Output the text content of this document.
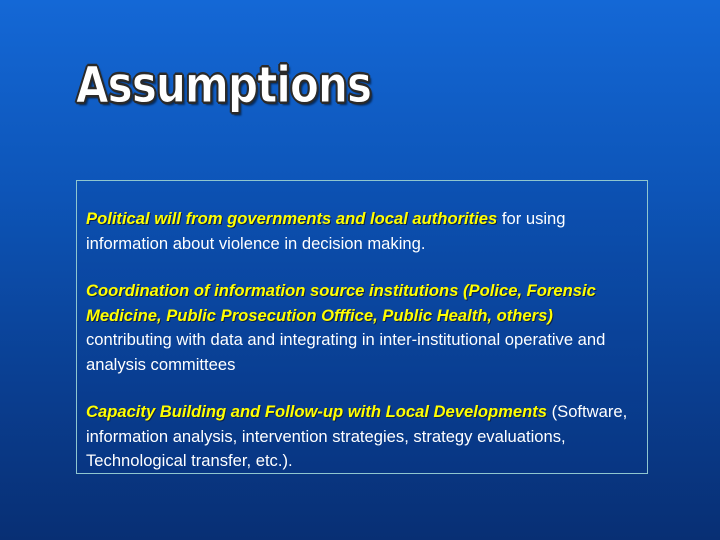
Assumptions

Political will from governments and local authorities for using information about violence in decision making.

Coordination of information source institutions (Police, Forensic Medicine, Public Prosecution Offfice, Public Health, others) contributing with data and integrating in inter-institutional operative and analysis committees

Capacity Building and Follow-up with Local Developments (Software, information analysis, intervention strategies, strategy evaluations, Technological transfer, etc.).
